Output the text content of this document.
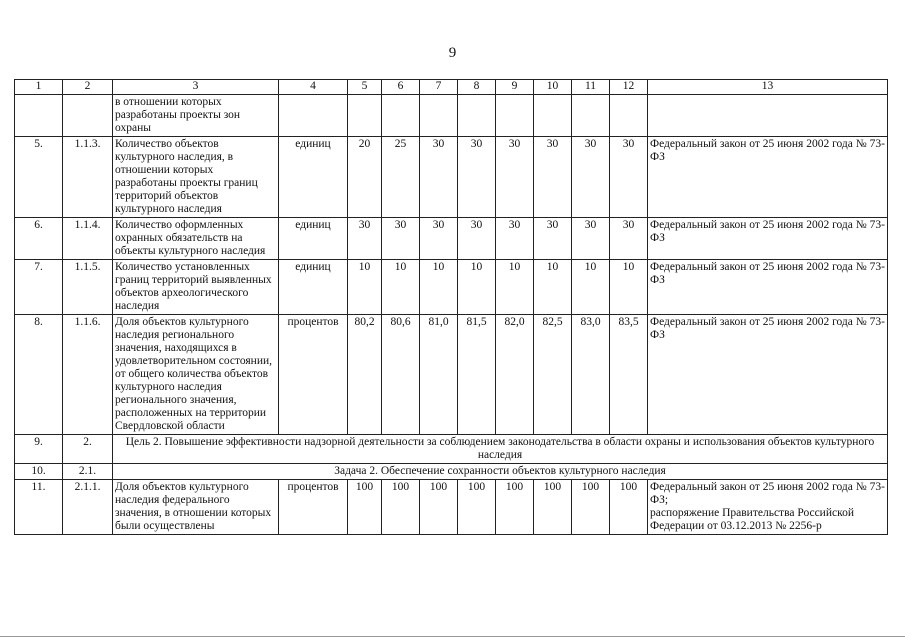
9
1	2	3	4	5	6	7	8	9	10	11	12	13
		в отношении которых разработаны проекты зон охраны										
5.	1.1.3.	Количество объектов культурного наследия, в отношении которых разработаны проекты границ территорий объектов культурного наследия	единиц	20	25	30	30	30	30	30	30	Федеральный закон от 25 июня 2002 года № 73-ФЗ
6.	1.1.4.	Количество оформленных охранных обязательств на объекты культурного наследия	единиц	30	30	30	30	30	30	30	30	Федеральный закон от 25 июня 2002 года № 73-ФЗ
7.	1.1.5.	Количество установленных границ территорий выявленных объектов археологического наследия	единиц	10	10	10	10	10	10	10	10	Федеральный закон от 25 июня 2002 года № 73-ФЗ
8.	1.1.6.	Доля объектов культурного наследия регионального значения, находящихся в удовлетворительном состоянии, от общего количества объектов культурного наследия регионального значения, расположенных на территории Свердловской области	процентов	80,2	80,6	81,0	81,5	82,0	82,5	83,0	83,5	Федеральный закон от 25 июня 2002 года № 73-ФЗ
9.	2.	Цель 2. Повышение эффективности надзорной деятельности за соблюдением законодательства в области охраны и использования объектов культурного наследия										
10.	2.1.	Задача 2. Обеспечение сохранности объектов культурного наследия										
11.	2.1.1.	Доля объектов культурного наследия федерального значения, в отношении которых были осуществлены	процентов	100	100	100	100	100	100	100	100	Федеральный закон от 25 июня 2002 года № 73-ФЗ;
распоряжение Правительства Российской Федерации от 03.12.2013 № 2256-р
